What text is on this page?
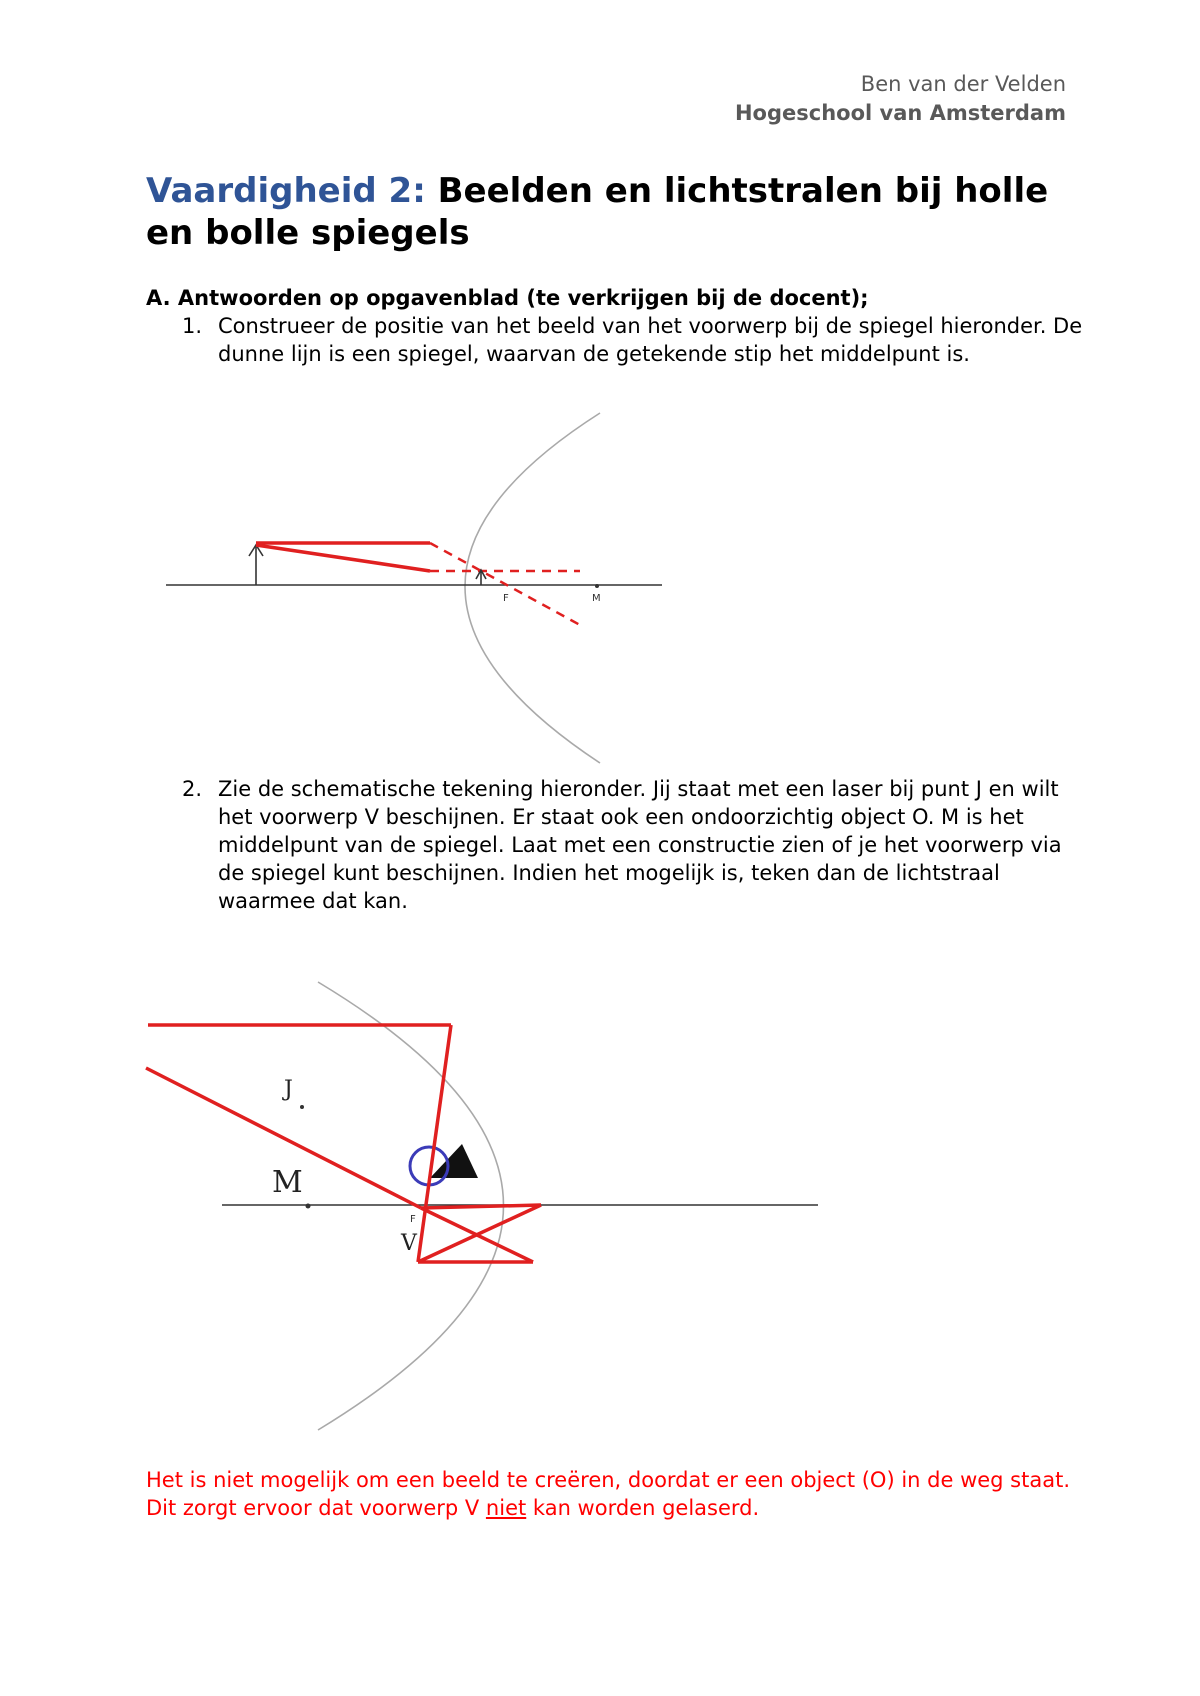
Ben van der Velden
Hogeschool van Amsterdam
Vaardigheid 2: Beelden en lichtstralen bij holle en bolle spiegels
A. Antwoorden op opgavenblad (te verkrijgen bij de docent);
1. Construeer de positie van het beeld van het voorwerp bij de spiegel hieronder. De dunne lijn is een spiegel, waarvan de getekende stip het middelpunt is.
2. Zie de schematische tekening hieronder. Jij staat met een laser bij punt J en wilt het voorwerp V beschijnen. Er staat ook een ondoorzichtig object O. M is het middelpunt van de spiegel. Laat met een constructie zien of je het voorwerp via de spiegel kunt beschijnen. Indien het mogelijk is, teken dan de lichtstraal waarmee dat kan.
F	M
J
M
F
V
Het is niet mogelijk om een beeld te creëren, doordat er een object (O) in de weg staat. Dit zorgt ervoor dat voorwerp V niet kan worden gelaserd.
